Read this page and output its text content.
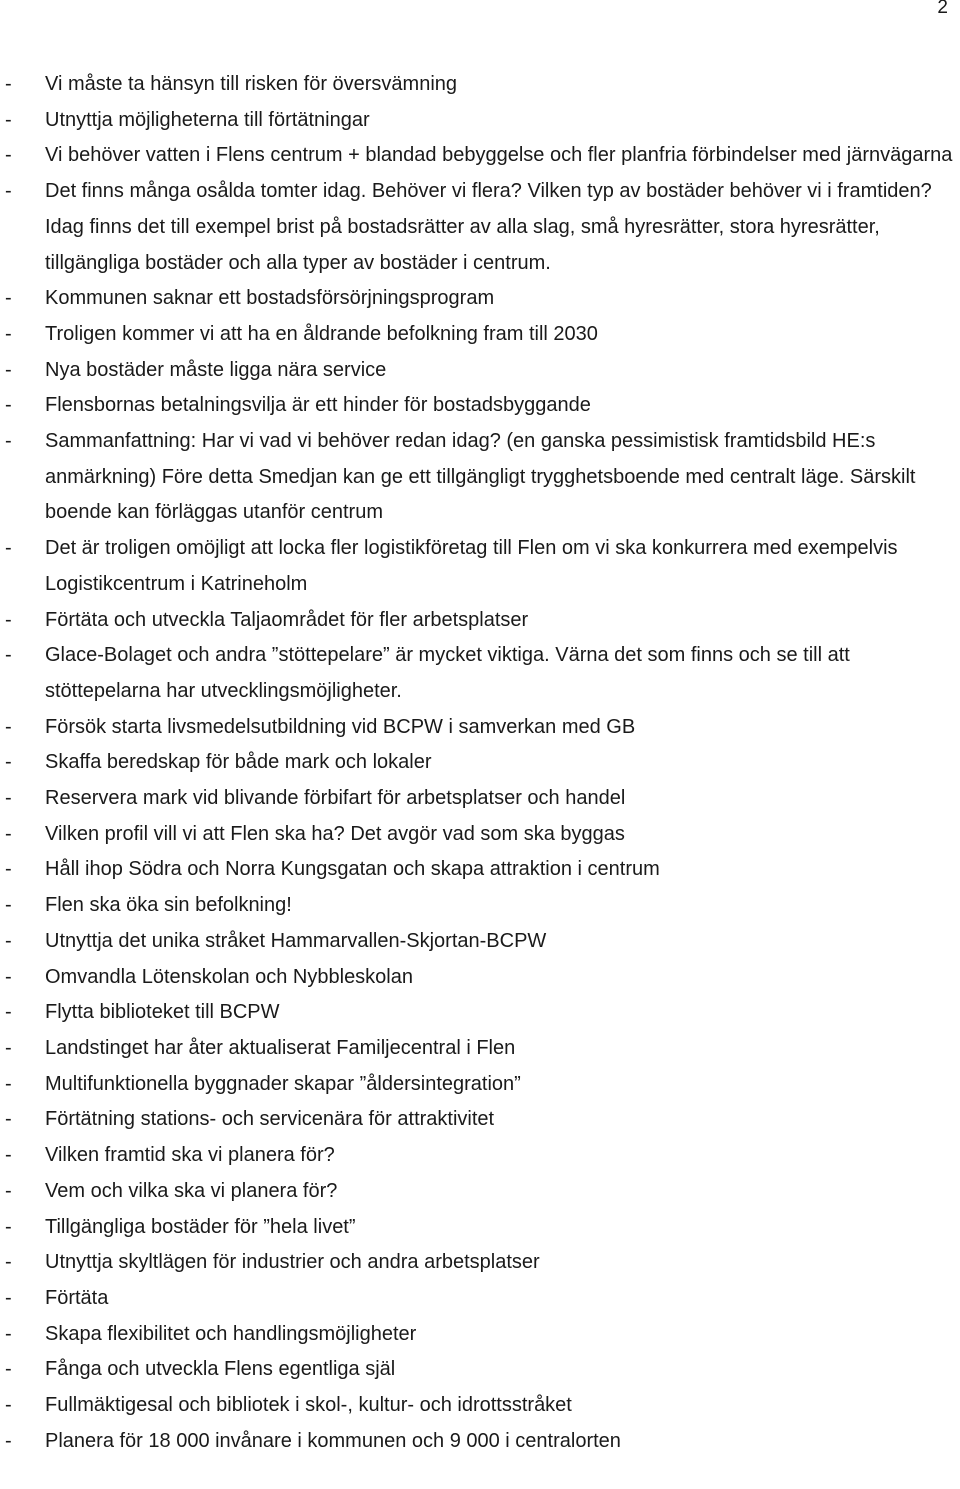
2
-	Vi måste ta hänsyn till risken för översvämning
-	Utnyttja möjligheterna till förtätningar
-	Vi behöver vatten i Flens centrum + blandad bebyggelse och fler planfria förbindelser med järnvägarna
-	Det finns många osålda tomter idag. Behöver vi flera? Vilken typ av bostäder behöver vi i framtiden? Idag finns det till exempel brist på bostadsrätter av alla slag, små hyresrätter, stora hyresrätter, tillgängliga bostäder och alla typer av bostäder i centrum.
-	Kommunen saknar ett bostadsförsörjningsprogram
-	Troligen kommer vi att ha en åldrande befolkning fram till 2030
-	Nya bostäder måste ligga nära service
-	Flensbornas betalningsvilja är ett hinder för bostadsbyggande
-	Sammanfattning: Har vi vad vi behöver redan idag? (en ganska pessimistisk framtidsbild HE:s anmärkning) Före detta Smedjan kan ge ett tillgängligt trygghetsboende med centralt läge. Särskilt boende kan förläggas utanför centrum
-	Det är troligen omöjligt att locka fler logistikföretag till Flen om vi ska konkurrera med exempelvis Logistikcentrum i Katrineholm
-	Förtäta och utveckla Taljaområdet för fler arbetsplatser
-	Glace-Bolaget och andra ”stöttepelare” är mycket viktiga. Värna det som finns och se till att stöttepelarna har utvecklingsmöjligheter.
-	Försök starta livsmedelsutbildning vid BCPW i samverkan med GB
-	Skaffa beredskap för både mark och lokaler
-	Reservera mark vid blivande förbifart för arbetsplatser och handel
-	Vilken profil vill vi att Flen ska ha? Det avgör vad som ska byggas
-	Håll ihop Södra och Norra Kungsgatan och skapa attraktion i centrum
-	Flen ska öka sin befolkning!
-	Utnyttja det unika stråket Hammarvallen-Skjortan-BCPW
-	Omvandla Lötenskolan och Nybbleskolan
-	Flytta biblioteket till BCPW
-	Landstinget har åter aktualiserat Familjecentral i Flen
-	Multifunktionella byggnader skapar ”åldersintegration”
-	Förtätning stations- och servicenära för attraktivitet
-	Vilken framtid ska vi planera för?
-	Vem och vilka ska vi planera för?
-	Tillgängliga bostäder för ”hela livet”
-	Utnyttja skyltlägen för industrier och andra arbetsplatser
-	Förtäta
-	Skapa flexibilitet och handlingsmöjligheter
-	Fånga och utveckla Flens egentliga själ
-	Fullmäktigesal och bibliotek i skol-, kultur- och idrottsstråket
-	Planera för 18 000 invånare i kommunen och 9 000 i centralorten
